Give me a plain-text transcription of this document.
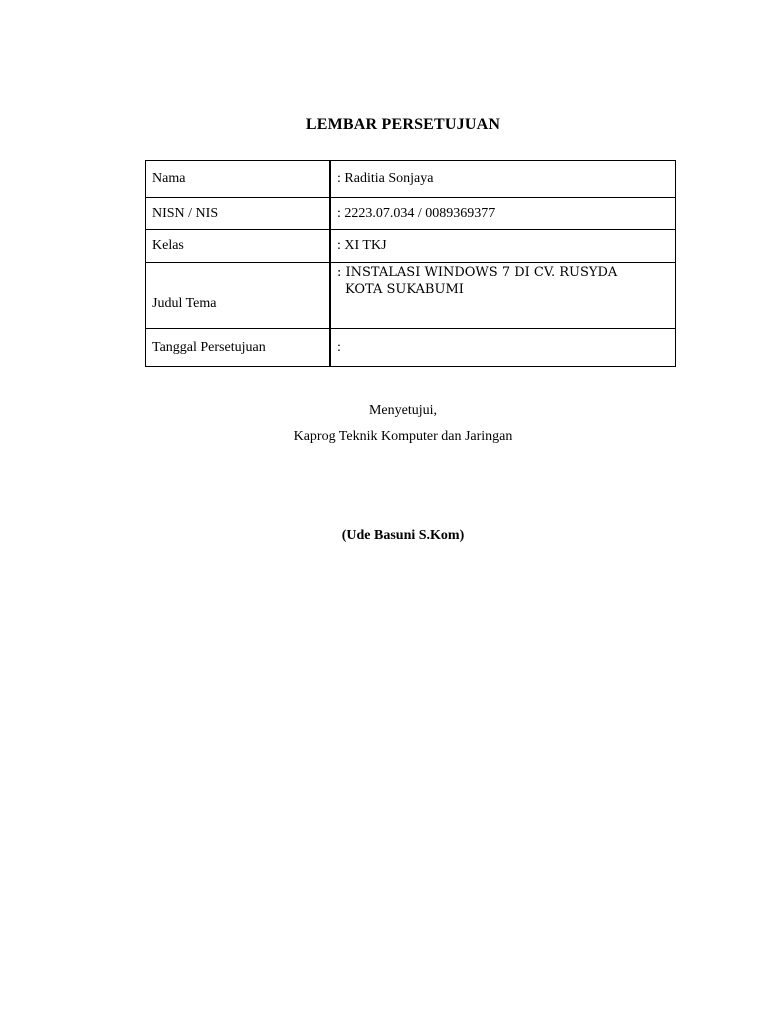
LEMBAR PERSETUJUAN
Nama	: Raditia Sonjaya
NISN / NIS	: 2223.07.034 / 0089369377
Kelas	: XI TKJ
Judul Tema	: INSTALASI WINDOWS 7 DI CV. RUSYDA
KOTA SUKABUMI

Tanggal Persetujuan	:
Menyetujui,
Kaprog Teknik Komputer dan Jaringan
(Ude Basuni S.Kom)
